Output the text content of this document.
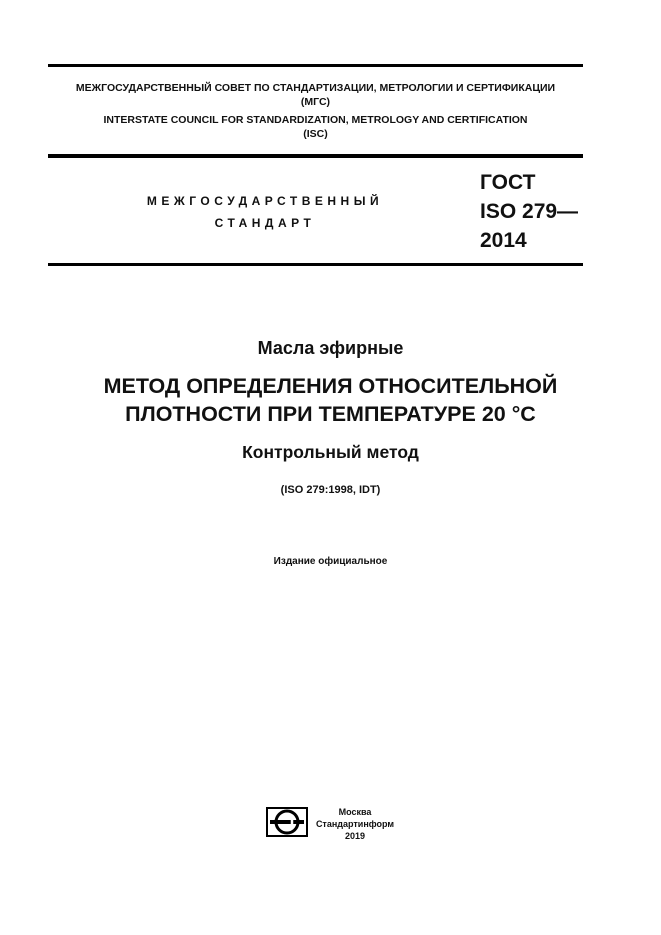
МЕЖГОСУДАРСТВЕННЫЙ СОВЕТ ПО СТАНДАРТИЗАЦИИ, МЕТРОЛОГИИ И СЕРТИФИКАЦИИ
(МГС)
INTERSTATE COUNCIL FOR STANDARDIZATION, METROLOGY AND CERTIFICATION
(ISC)
МЕЖГОСУДАРСТВЕННЫЙ
СТАНДАРТ
ГОСТ
ISO 279—
2014
Масла эфирные
МЕТОД ОПРЕДЕЛЕНИЯ ОТНОСИТЕЛЬНОЙ
ПЛОТНОСТИ ПРИ ТЕМПЕРАТУРЕ 20 °С
Контрольный метод
(ISO 279:1998, IDT)
Издание официальное
Москва
Стандартинформ
2019
